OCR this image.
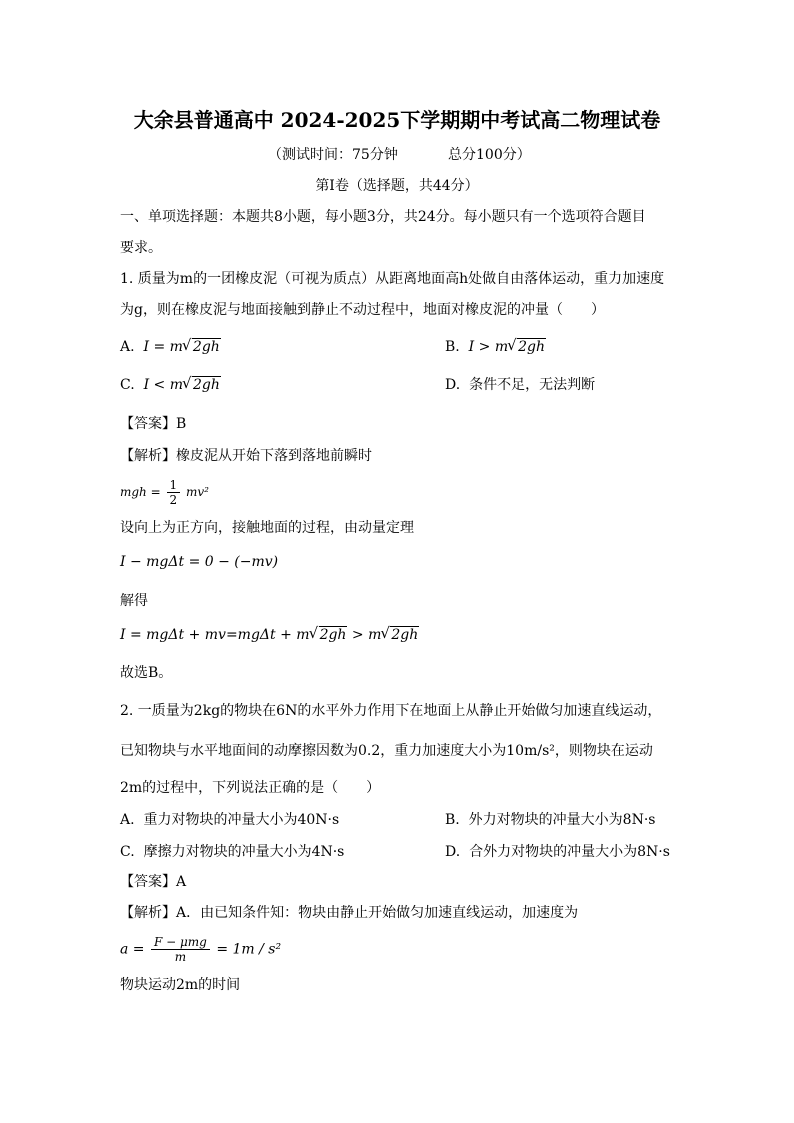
大余县普通高中 2024-2025下学期期中考试高二物理试卷
（测试时间：75分钟	总分100分）
第Ⅰ卷（选择题，共44分）
一、单项选择题：本题共8小题，每小题3分，共24分。每小题只有一个选项符合题目
要求。
1. 质量为m的一团橡皮泥（可视为质点）从距离地面高h处做自由落体运动，重力加速度
为g，则在橡皮泥与地面接触到静止不动过程中，地面对橡皮泥的冲量（　　）
A. I = m √ 2gh	B. I > m √ 2gh
C. I < m √ 2gh	D. 条件不足，无法判断
【答案】B
【解析】橡皮泥从开始下落到落地前瞬时
mgh = $\frac{1}{2} mv^2$
设向上为正方向，接触地面的过程，由动量定理
I − mgΔt = 0 − (−mv)
解得
I = mgΔt + mv=mgΔt + m √ 2gh > m √ 2gh
故选B。
2. 一质量为2kg的物块在6N的水平外力作用下在地面上从静止开始做匀加速直线运动，
已知物块与水平地面间的动摩擦因数为0.2，重力加速度大小为10m/s²，则物块在运动
2m的过程中，下列说法正确的是（　　）
A. 重力对物块的冲量大小为40N·s	B. 外力对物块的冲量大小为8N·s
C. 摩擦力对物块的冲量大小为4N·s	D. 合外力对物块的冲量大小为8N·s
【答案】A
【解析】A．由已知条件知：物块由静止开始做匀加速直线运动，加速度为
$a = \frac{\text{F − μmg}}{m} = 1m / s^2$
物块运动2m的时间
